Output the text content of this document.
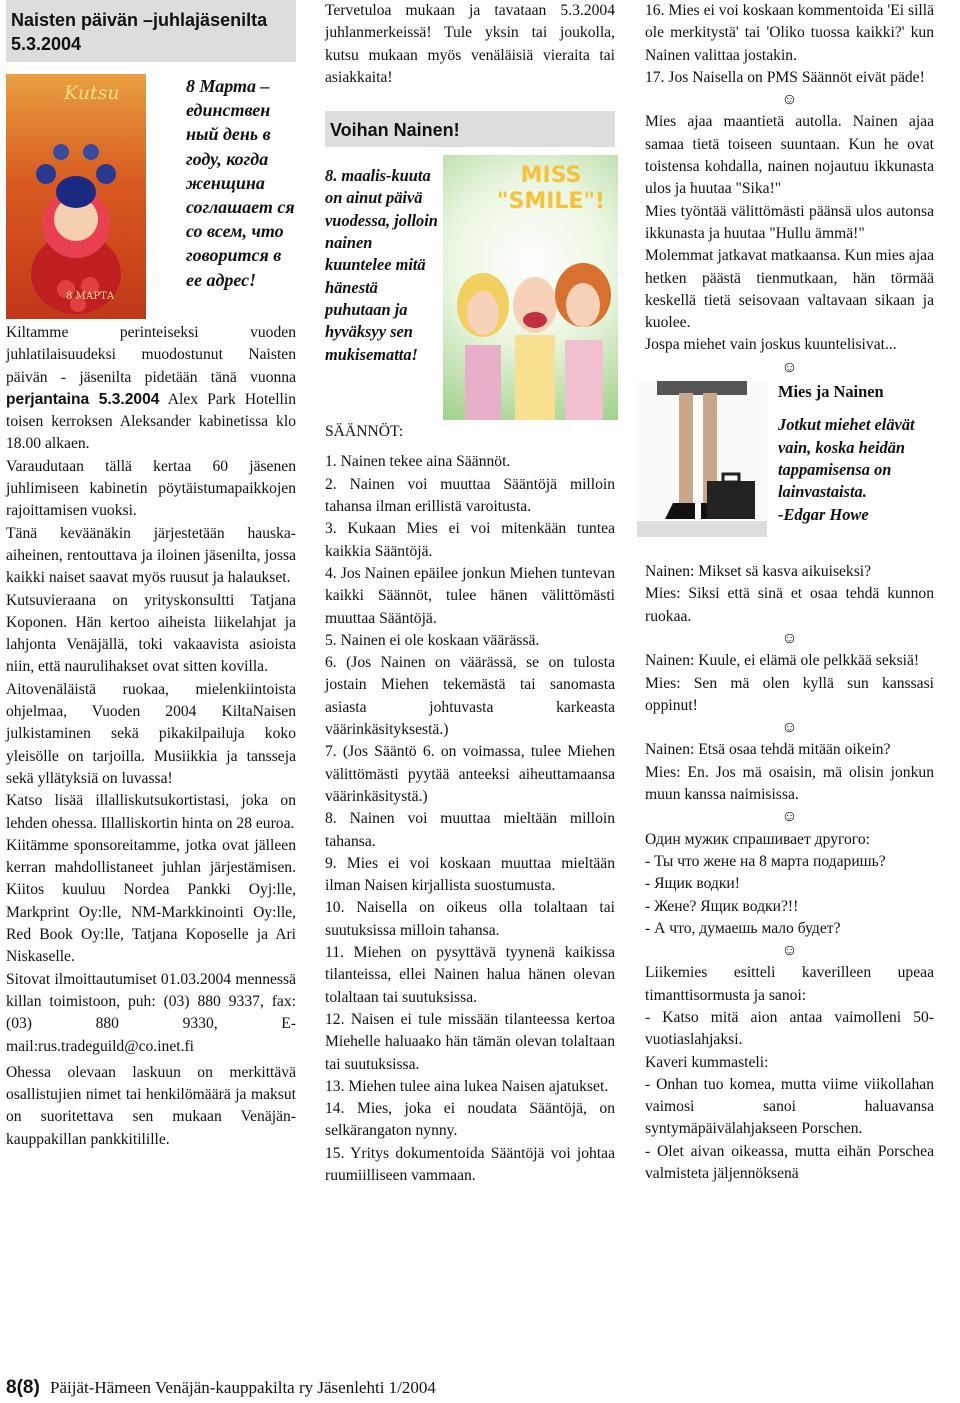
Naisten päivän –juhlajäsenilta 5.3.2004
Kutsu
8 МАРТА
8 Марта – единствен ный день в году, когда женщина соглашает ся со всем, что говорится в ее адрес!

Kiltamme perinteiseksi vuoden juhlatilaisuudeksi muodostunut Naisten päivän - jäsenilta pidetään tänä vuonna perjantaina 5.3.2004 Alex Park Hotellin toisen kerroksen Aleksander kabinetissa klo 18.00 alkaen.

Varaudutaan tällä kertaa 60 jäsenen juhlimiseen kabinetin pöytäistumapaikkojen rajoittamisen vuoksi.

Tänä keväänäkin järjestetään hauska-aiheinen, rentouttava ja iloinen jäsenilta, jossa kaikki naiset saavat myös ruusut ja halaukset.

Kutsuvieraana on yrityskonsultti Tatjana Koponen. Hän kertoo aiheista liikelahjat ja lahjonta Venäjällä, toki vakaavista asioista niin, että naurulihakset ovat sitten kovilla.

Aitovenäläistä ruokaa, mielenkiintoista ohjelmaa, Vuoden 2004 KiltaNaisen julkistaminen sekä pikakilpailuja koko yleisölle on tarjoilla. Musiikkia ja tansseja sekä yllätyksiä on luvassa!

Katso lisää illalliskutsukortistasi, joka on lehden ohessa. Illalliskortin hinta on 28 euroa.

Kiitämme sponsoreitamme, jotka ovat jälleen kerran mahdollistaneet juhlan järjestämisen. Kiitos kuuluu Nordea Pankki Oyj:lle, Markprint Oy:lle, NM-Markkinointi Oy:lle, Red Book Oy:lle, Tatjana Koposelle ja Ari Niskaselle.

Sitovat ilmoittautumiset 01.03.2004 mennessä killan toimistoon, puh: (03) 880 9337, fax: (03) 880 9330, E-mail:rus.tradeguild@co.inet.fi

Ohessa olevaan laskuun on merkittävä osallistujien nimet tai henkilömäärä ja maksut on suoritettava sen mukaan Venäjänkauppakillan pankkitilille.

Tervetuloa mukaan ja tavataan 5.3.2004 juhlanmerkeissä! Tule yksin tai joukolla, kutsu mukaan myös venäläisiä vieraita tai asiakkaita!

Voihan Nainen!
8. maalis-kuuta on ainut päivä vuodessa, jolloin nainen kuuntelee mitä hänestä puhutaan ja hyväksyy sen mukisematta!
MISS "SMILE"!
SÄÄNNÖT:

1. Nainen tekee aina Säännöt.

2. Nainen voi muuttaa Sääntöjä milloin tahansa ilman erillistä varoitusta.

3. Kukaan Mies ei voi mitenkään tuntea kaikkia Sääntöjä.

4. Jos Nainen epäilee jonkun Miehen tuntevan kaikki Säännöt, tulee hänen välittömästi muuttaa Sääntöjä.

5. Nainen ei ole koskaan väärässä.

6. (Jos Nainen on väärässä, se on tulosta jostain Miehen tekemästä tai sanomasta asiasta johtuvasta karkeasta väärinkäsityksestä.)

7. (Jos Sääntö 6. on voimassa, tulee Miehen välittömästi pyytää anteeksi aiheuttamaansa väärinkäsitystä.)

8. Nainen voi muuttaa mieltään milloin tahansa.

9. Mies ei voi koskaan muuttaa mieltään ilman Naisen kirjallista suostumusta.

10. Naisella on oikeus olla tolaltaan tai suutuksissa milloin tahansa.

11. Miehen on pysyttävä tyynenä kaikissa tilanteissa, ellei Nainen halua hänen olevan tolaltaan tai suutuksissa.

12. Naisen ei tule missään tilanteessa kertoa Miehelle haluaako hän tämän olevan tolaltaan tai suutuksissa.

13. Miehen tulee aina lukea Naisen ajatukset.

14. Mies, joka ei noudata Sääntöjä, on selkärangaton nynny.

15. Yritys dokumentoida Sääntöjä voi johtaa ruumiilliseen vammaan.

16. Mies ei voi koskaan kommentoida 'Ei sillä ole merkitystä' tai 'Oliko tuossa kaikki?' kun Nainen valittaa jostakin.

17. Jos Naisella on PMS Säännöt eivät päde!

☺

Mies ajaa maantietä autolla. Nainen ajaa samaa tietä toiseen suuntaan. Kun he ovat toistensa kohdalla, nainen nojautuu ikkunasta ulos ja huutaa "Sika!"

Mies työntää välittömästi päänsä ulos autonsa ikkunasta ja huutaa "Hullu ämmä!"

Molemmat jatkavat matkaansa. Kun mies ajaa hetken päästä tienmutkaan, hän törmää keskellä tietä seisovaan valtavaan sikaan ja kuolee.

Jospa miehet vain joskus kuuntelisivat...

☺
Mies ja Nainen
Jotkut miehet elävät vain, koska heidän tappamisensa on lainvastaista.
-Edgar Howe

Nainen: Mikset sä kasva aikuiseksi?

Mies: Siksi että sinä et osaa tehdä kunnon ruokaa.

☺

Nainen: Kuule, ei elämä ole pelkkää seksiä!

Mies: Sen mä olen kyllä sun kanssasi oppinut!

☺

Nainen: Etsä osaa tehdä mitään oikein?

Mies: En. Jos mä osaisin, mä olisin jonkun muun kanssa naimisissa.

☺

Один мужик спрашивает другого:

- Ты что жене на 8 марта подаришь?

- Ящик водки!

- Жене? Ящик водки?!!

- А что, думаешь мало будет?

☺

Liikemies esitteli kaverilleen upeaa timanttisormusta ja sanoi:

- Katso mitä aion antaa vaimolleni 50-vuotiaslahjaksi.

Kaveri kummasteli:

- Onhan tuo komea, mutta viime viikollahan vaimosi sanoi haluavansa syntymäpäivälahjakseen Porschen.

- Olet aivan oikeassa, mutta eihän Porschea valmisteta jäljennöksenä

8(8) Päijät-Hämeen Venäjän-kauppakilta ry Jäsenlehti 1/2004
